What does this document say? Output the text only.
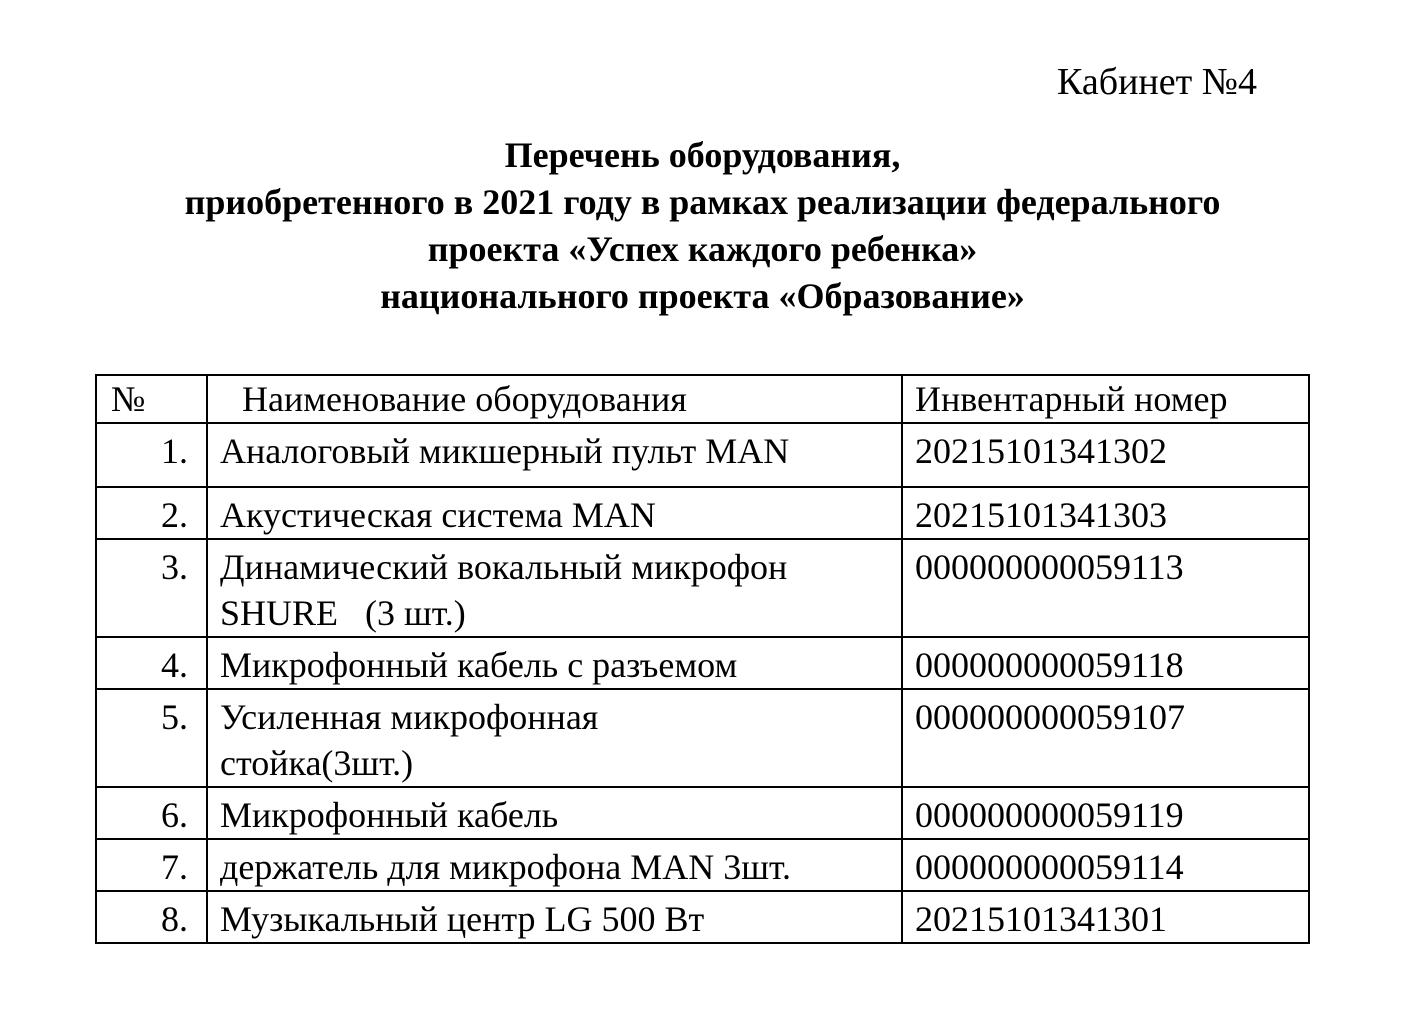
Кабинет №4
Перечень оборудования,
приобретенного в 2021 году в рамках реализации федерального
проекта «Успех каждого ребенка»
национального проекта «Образование»
№	Наименование оборудования	Инвентарный номер
1.	Аналоговый микшерный пульт MAN	20215101341302
2.	Акустическая система MAN	20215101341303
3.	Динамический вокальный микрофон SHURE   (3 шт.)	000000000059113
4.	Микрофонный кабель с разъемом	000000000059118
5.	Усиленная микрофонная стойка(3шт.)	000000000059107
6.	Микрофонный кабель	000000000059119
7.	держатель для микрофона MAN 3шт.	000000000059114
8.	Музыкальный центр LG 500 Вт	20215101341301
